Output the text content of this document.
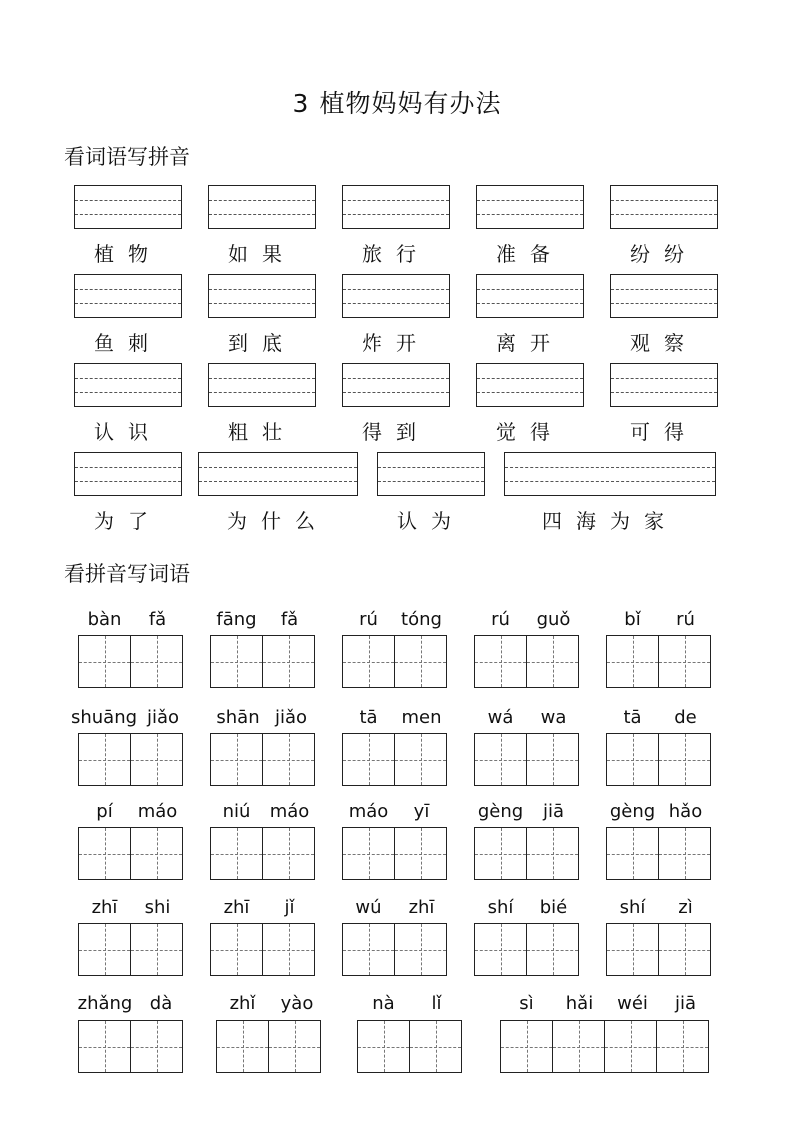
3 植物妈妈有办法
看词语写拼音
看拼音写词语
植物	如果	旅行	准备	纷纷
鱼刺	到底	炸开	离开	观察
认识	粗壮	得到	觉得	可得
为了	为什么	认为	四海为家
bàn fǎ	fāng fǎ	rú tóng	rú guǒ	bǐ rú
shuāng jiǎo	shān jiǎo	tā men	wá wa	tā de
pí máo	niú máo	máo yī	gèng jiā	gèng hǎo
zhī shi	zhī jǐ	wú zhī	shí bié	shí zì
zhǎng dà	zhǐ yào	nà lǐ	sì hǎi wéi jiā
